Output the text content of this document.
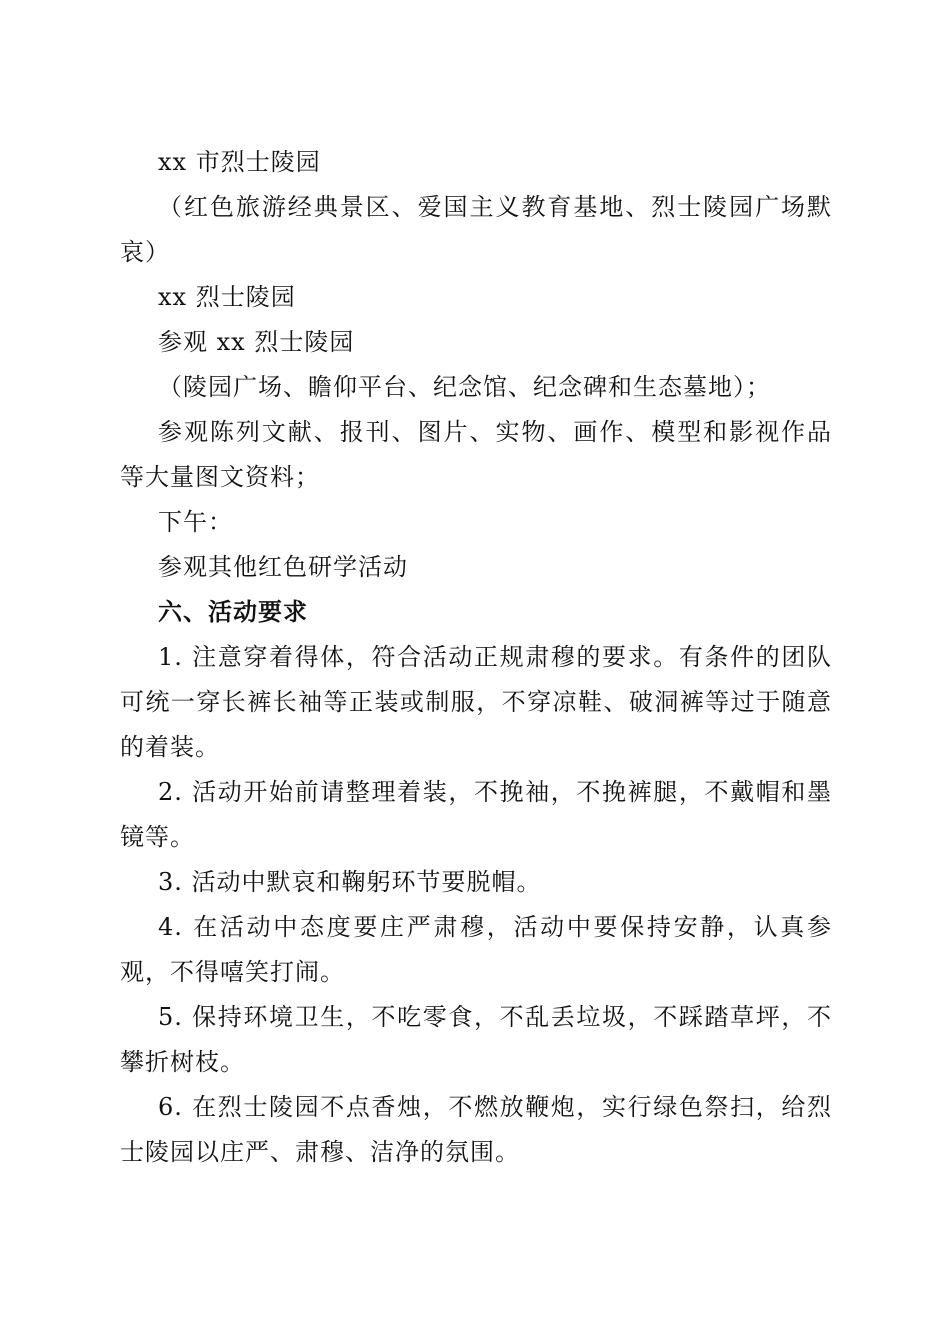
xx 市烈士陵园

（红色旅游经典景区、爱国主义教育基地、烈士陵园广场默哀）

xx 烈士陵园

参观 xx 烈士陵园

（陵园广场、瞻仰平台、纪念馆、纪念碑和生态墓地）；

参观陈列文献、报刊、图片、实物、画作、模型和影视作品等大量图文资料；

下午：

参观其他红色研学活动

六、活动要求

1. 注意穿着得体，符合活动正规肃穆的要求。有条件的团队可统一穿长裤长袖等正装或制服，不穿凉鞋、破洞裤等过于随意的着装。

2. 活动开始前请整理着装，不挽袖，不挽裤腿，不戴帽和墨镜等。

3. 活动中默哀和鞠躬环节要脱帽。

4. 在活动中态度要庄严肃穆，活动中要保持安静，认真参观，不得嘻笑打闹。

5. 保持环境卫生，不吃零食，不乱丢垃圾，不踩踏草坪，不攀折树枝。

6. 在烈士陵园不点香烛，不燃放鞭炮，实行绿色祭扫，给烈士陵园以庄严、肃穆、洁净的氛围。
